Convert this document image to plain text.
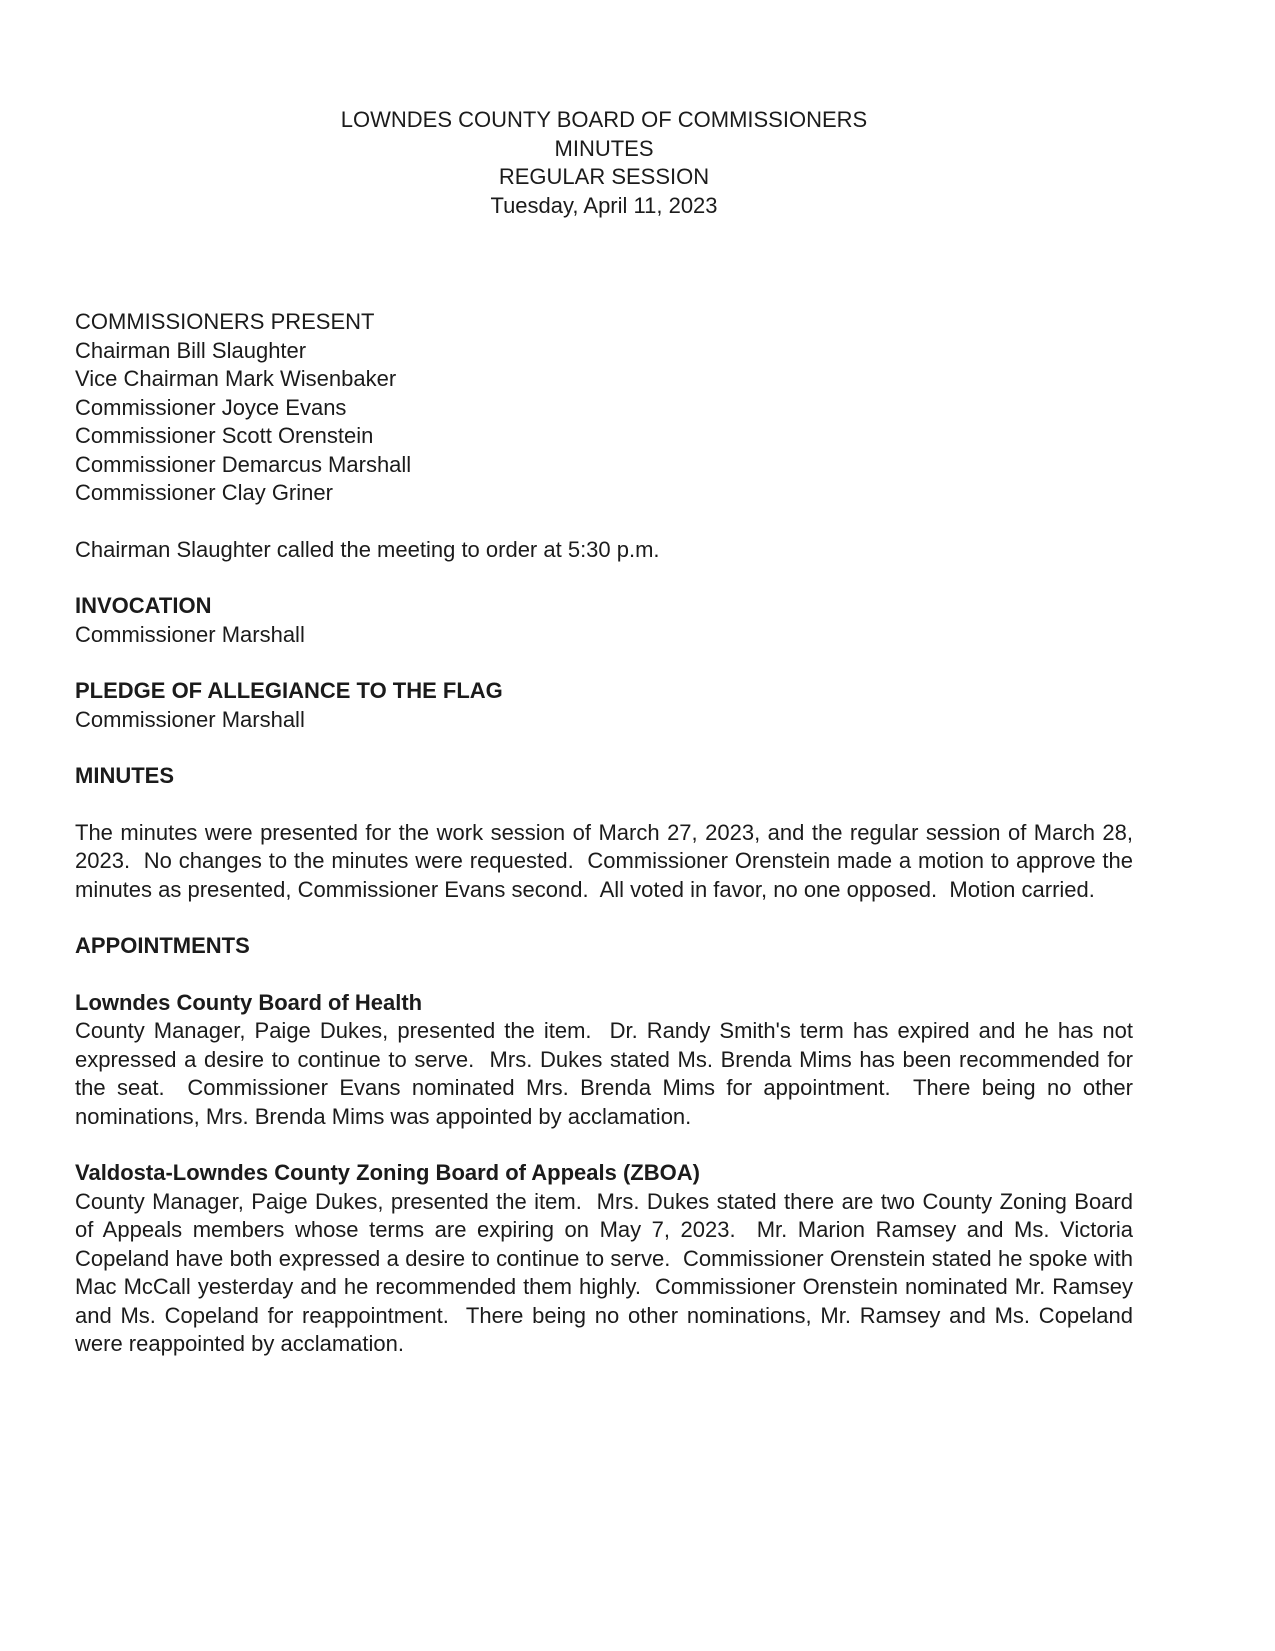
LOWNDES COUNTY BOARD OF COMMISSIONERS
MINUTES
REGULAR SESSION
Tuesday, April 11, 2023
COMMISSIONERS PRESENT
Chairman Bill Slaughter
Vice Chairman Mark Wisenbaker
Commissioner Joyce Evans
Commissioner Scott Orenstein
Commissioner Demarcus Marshall
Commissioner Clay Griner
Chairman Slaughter called the meeting to order at 5:30 p.m.
INVOCATION
Commissioner Marshall
PLEDGE OF ALLEGIANCE TO THE FLAG
Commissioner Marshall
MINUTES
The minutes were presented for the work session of March 27, 2023, and the regular session of March 28, 2023.  No changes to the minutes were requested.  Commissioner Orenstein made a motion to approve the minutes as presented, Commissioner Evans second.  All voted in favor, no one opposed.  Motion carried.
APPOINTMENTS
Lowndes County Board of Health
County Manager, Paige Dukes, presented the item.  Dr. Randy Smith's term has expired and he has not expressed a desire to continue to serve.  Mrs. Dukes stated Ms. Brenda Mims has been recommended for the seat.  Commissioner Evans nominated Mrs. Brenda Mims for appointment.  There being no other nominations, Mrs. Brenda Mims was appointed by acclamation.
Valdosta-Lowndes County Zoning Board of Appeals (ZBOA)
County Manager, Paige Dukes, presented the item.  Mrs. Dukes stated there are two County Zoning Board of Appeals members whose terms are expiring on May 7, 2023.  Mr. Marion Ramsey and Ms. Victoria Copeland have both expressed a desire to continue to serve.  Commissioner Orenstein stated he spoke with Mac McCall yesterday and he recommended them highly.  Commissioner Orenstein nominated Mr. Ramsey and Ms. Copeland for reappointment.  There being no other nominations, Mr. Ramsey and Ms. Copeland were reappointed by acclamation.
